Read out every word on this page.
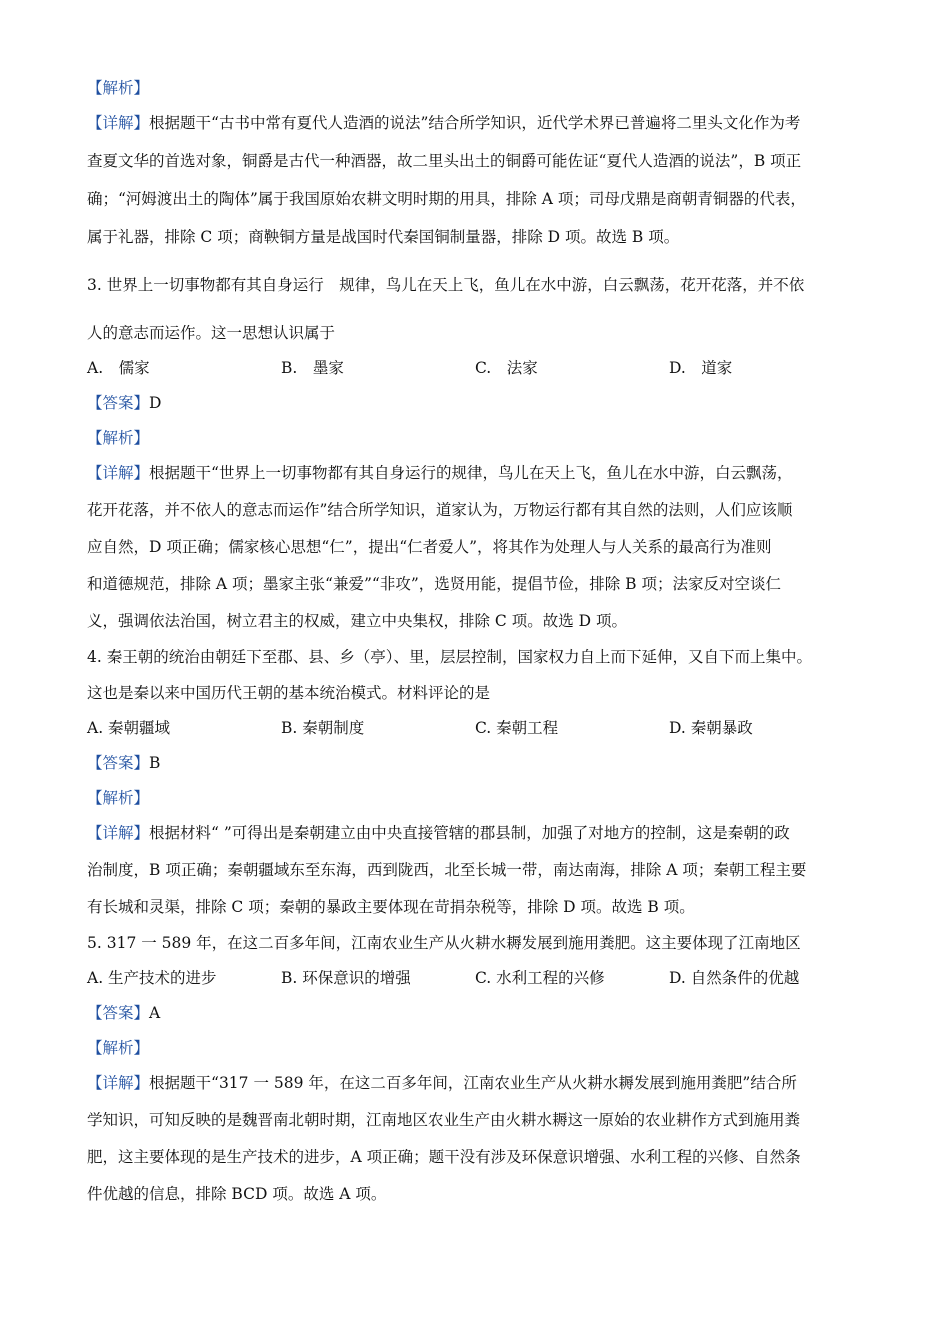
【解析】
【详解】根据题干“古书中常有夏代人造酒的说法”结合所学知识，近代学术界已普遍将二里头文化作为考
查夏文华的首选对象，铜爵是古代一种酒器，故二里头出土的铜爵可能佐证“夏代人造酒的说法”，B 项正
确；“河姆渡出土的陶体”属于我国原始农耕文明时期的用具，排除 A 项；司母戊鼎是商朝青铜器的代表，
属于礼器，排除 C 项；商鞅铜方量是战国时代秦国铜制量器，排除 D 项。故选 B 项。
3. 世界上一切事物都有其自身运行　规律，鸟儿在天上飞，鱼儿在水中游，白云飘荡，花开花落，并不依
人的意志而运作。这一思想认识属于
A.　儒家	B.　墨家	C.　法家	D.　道家
【答案】D
【解析】
【详解】根据题干“世界上一切事物都有其自身运行的规律，鸟儿在天上飞，鱼儿在水中游，白云飘荡，
花开花落，并不依人的意志而运作”结合所学知识，道家认为，万物运行都有其自然的法则，人们应该顺
应自然，D 项正确；儒家核心思想“仁”，提出“仁者爱人”，将其作为处理人与人关系的最高行为准则
和道德规范，排除 A 项；墨家主张“兼爱”“非攻”，选贤用能，提倡节俭，排除 B 项；法家反对空谈仁
义，强调依法治国，树立君主的权威，建立中央集权，排除 C 项。故选 D 项。
4. 秦王朝的统治由朝廷下至郡、县、乡（亭）、里，层层控制，国家权力自上而下延伸，又自下而上集中。
这也是秦以来中国历代王朝的基本统治模式。材料评论的是
A. 秦朝疆域	B. 秦朝制度	C. 秦朝工程	D. 秦朝暴政
【答案】B
【解析】
【详解】根据材料“ ”可得出是秦朝建立由中央直接管辖的郡县制，加强了对地方的控制，这是秦朝的政
治制度，B 项正确；秦朝疆域东至东海，西到陇西，北至长城一带，南达南海，排除 A 项；秦朝工程主要
有长城和灵渠，排除 C 项；秦朝的暴政主要体现在苛捐杂税等，排除 D 项。故选 B 项。
5. 317 一 589 年，在这二百多年间，江南农业生产从火耕水耨发展到施用粪肥。这主要体现了江南地区
A. 生产技术的进步	B. 环保意识的增强	C. 水利工程的兴修	D. 自然条件的优越
【答案】A
【解析】
【详解】根据题干“317 一 589 年，在这二百多年间，江南农业生产从火耕水耨发展到施用粪肥”结合所
学知识，可知反映的是魏晋南北朝时期，江南地区农业生产由火耕水耨这一原始的农业耕作方式到施用粪
肥，这主要体现的是生产技术的进步，A 项正确；题干没有涉及环保意识增强、水利工程的兴修、自然条
件优越的信息，排除 BCD 项。故选 A 项。
